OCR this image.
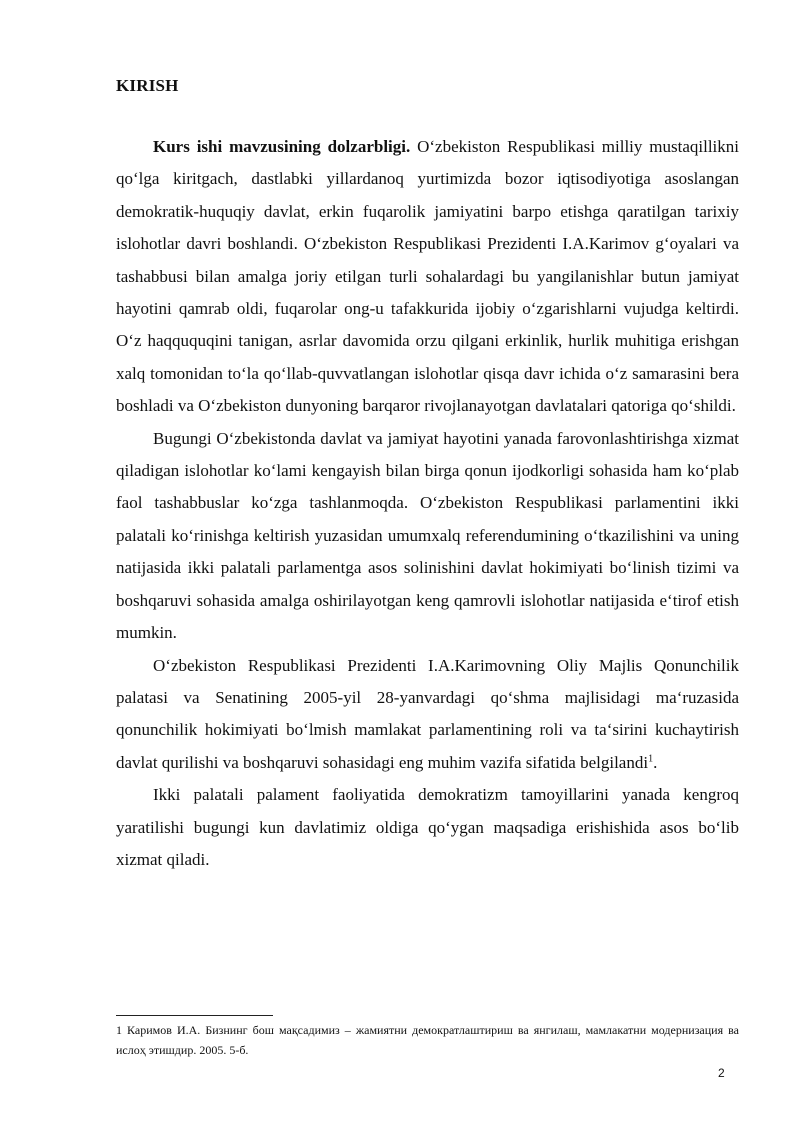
KIRISH

Kurs ishi mavzusining dolzarbligi. O‘zbekiston Respublikasi milliy mustaqillikni qo‘lga kiritgach, dastlabki yillardanoq yurtimizda bozor iqtisodiyotiga asoslangan demokratik-huquqiy davlat, erkin fuqarolik jamiyatini barpo etishga qaratilgan tarixiy islohotlar davri boshlandi. O‘zbekiston Respublikasi Prezidenti I.A.Karimov g‘oyalari va tashabbusi bilan amalga joriy etilgan turli sohalardagi bu yangilanishlar butun jamiyat hayotini qamrab oldi, fuqarolar ong-u tafakkurida ijobiy o‘zgarishlarni vujudga keltirdi. O‘z haqququqini tanigan, asrlar davomida orzu qilgani erkinlik, hurlik muhitiga erishgan xalq tomonidan to‘la qo‘llab-quvvatlangan islohotlar qisqa davr ichida o‘z samarasini bera boshladi va O‘zbekiston dunyoning barqaror rivojlanayotgan davlatalari qatoriga qo‘shildi.

Bugungi O‘zbekistonda davlat va jamiyat hayotini yanada farovonlashtirishga xizmat qiladigan islohotlar ko‘lami kengayish bilan birga qonun ijodkorligi sohasida ham ko‘plab faol tashabbuslar ko‘zga tashlanmoqda. O‘zbekiston Respublikasi parlamentini ikki palatali ko‘rinishga keltirish yuzasidan umumxalq referendumining o‘tkazilishini va uning natijasida ikki palatali parlamentga asos solinishini davlat hokimiyati bo‘linish tizimi va boshqaruvi sohasida amalga oshirilayotgan keng qamrovli islohotlar natijasida e‘tirof etish mumkin.

O‘zbekiston Respublikasi Prezidenti I.A.Karimovning Oliy Majlis Qonunchilik palatasi va Senatining 2005-yil 28-yanvardagi qo‘shma majlisidagi ma‘ruzasida qonunchilik hokimiyati bo‘lmish mamlakat parlamentining roli va ta‘sirini kuchaytirish davlat qurilishi va boshqaruvi sohasidagi eng muhim vazifa sifatida belgilandi$^1$.

Ikki palatali palament faoliyatida demokratizm tamoyillarini yanada kengroq yaratilishi bugungi kun davlatimiz oldiga qo‘ygan maqsadiga erishishida asos bo‘lib xizmat qiladi.

1 Каримов И.А. Бизнинг бош мақсадимиз – жамиятни демократлаштириш ва янгилаш, мамлакатни модернизация ва ислоҳ этишдир. 2005. 5-б.
2
